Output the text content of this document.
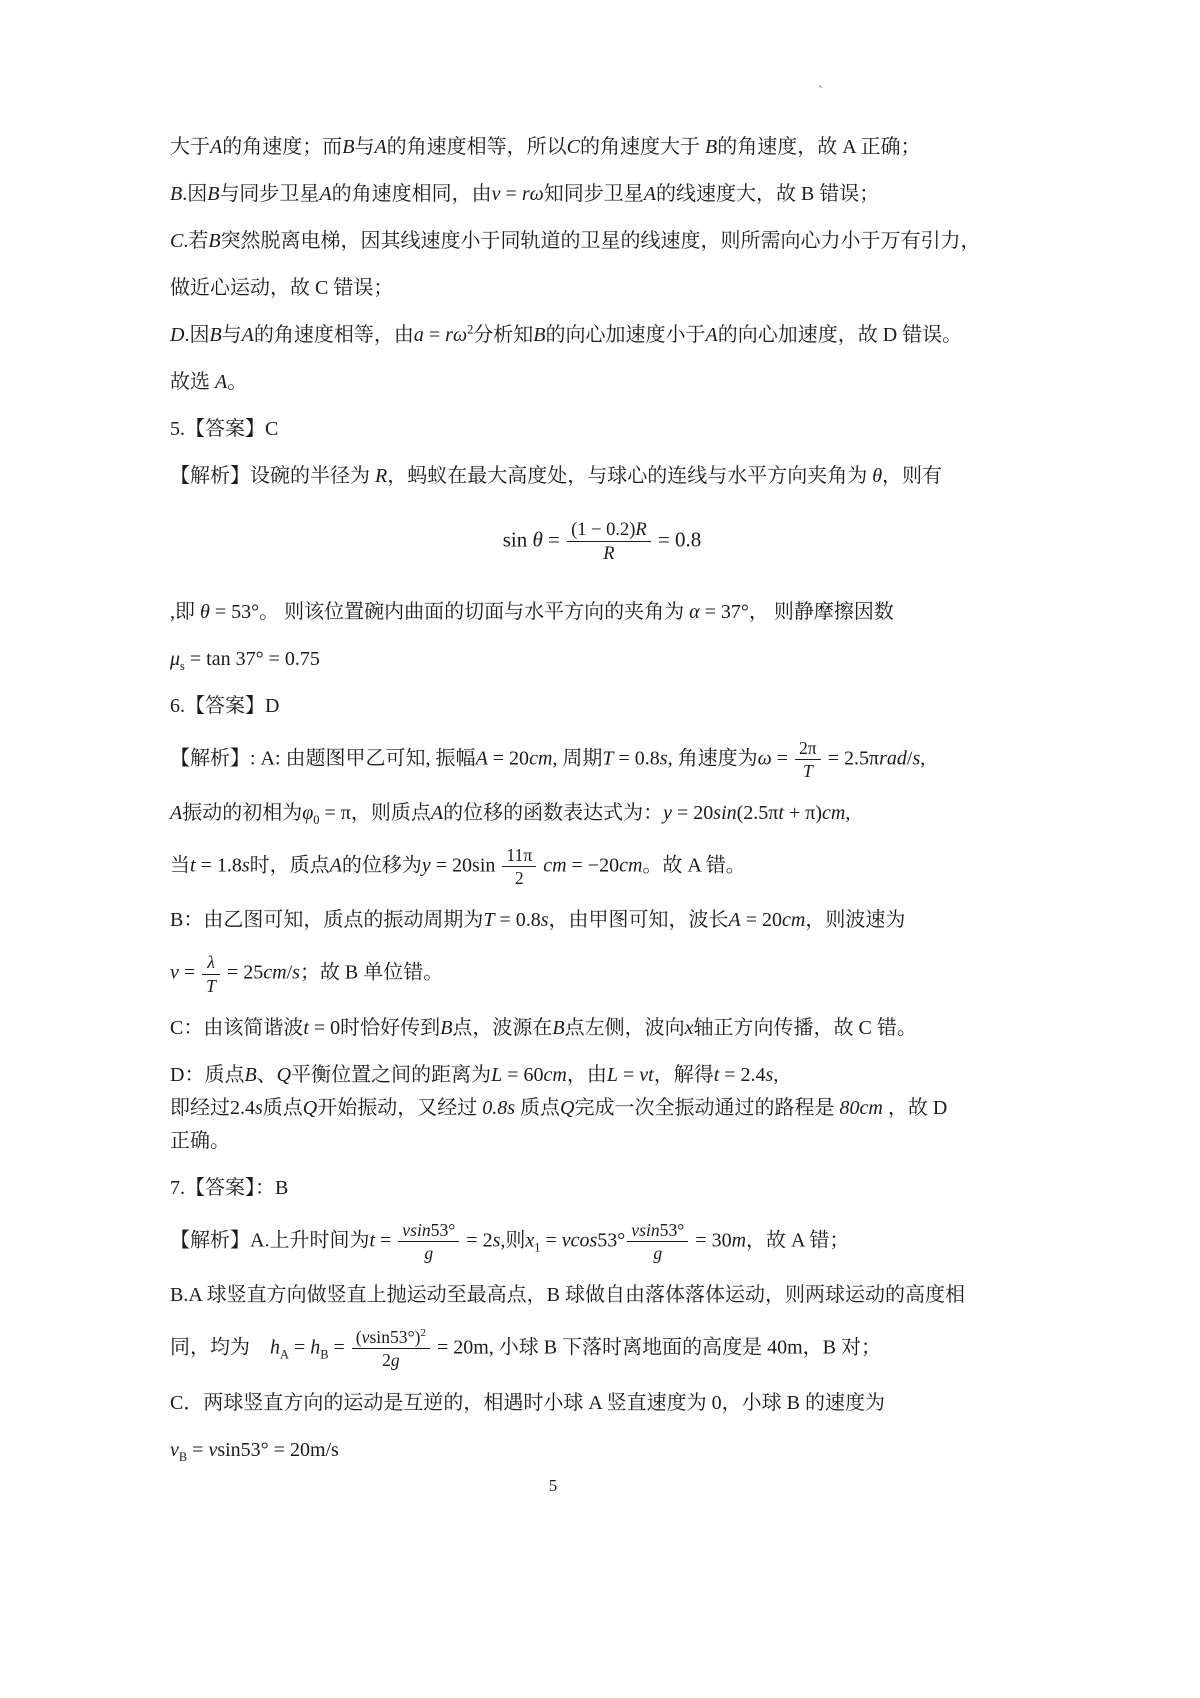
`
大于A的角速度；而B与A的角速度相等，所以C的角速度大于 B的角速度，故 A 正确；
B.因B与同步卫星A的角速度相同，由v = rω知同步卫星A的线速度大，故 B 错误；
C.若B突然脱离电梯，因其线速度小于同轨道的卫星的线速度，则所需向心力小于万有引力，
做近心运动，故 C 错误；
D.因B与A的角速度相等，由$a = r\omega^2$分析知B的向心加速度小于A的向心加速度，故 D 错误。
故选 A。
5.【答案】C
【解析】设碗的半径为 R，蚂蚁在最大高度处，与球心的连线与水平方向夹角为 θ，则有
$\sin \theta = \frac{(1 - 0.2)R}{R} = 0.8$
,即 θ = 53°。 则该位置碗内曲面的切面与水平方向的夹角为 α = 37°， 则静摩擦因数
$\mu_s = \tan 37^\circ = 0.75$
6.【答案】D
【解析】: A: 由题图甲乙可知, 振幅A = 20cm, 周期T = 0.8s, 角速度为$\omega = \frac{2\pi}{T} = 2.5\pi rad/s$,
A振动的初相为$\varphi_0 = \pi$，则质点A的位移的函数表达式为：y = 20sin(2.5πt + π)cm,
当t = 1.8s时，质点A的位移为$y = 20\sin \frac{11\pi}{2}$ cm = −20cm。故 A 错。
B：由乙图可知，质点的振动周期为T = 0.8s，由甲图可知，波长A = 20cm，则波速为
$v = \frac{\lambda}{T} = 25cm/s$；故 B 单位错。
C：由该简谐波t = 0时恰好传到B点，波源在B点左侧，波向x轴正方向传播，故 C 错。
D：质点B、Q平衡位置之间的距离为L = 60cm，由L = vt，解得t = 2.4s,
即经过2.4s质点Q开始振动，又经过 0.8s 质点Q完成一次全振动通过的路程是 80cm ，故 D
正确。
7.【答案】：B
【解析】A.上升时间为$t = \frac{vsin53^\circ}{g} = 2s$,则$x_1 = vcos53^\circ \frac{vsin53^\circ}{g} = 30m$，故 A 错；
B.A 球竖直方向做竖直上抛运动至最高点，B 球做自由落体落体运动，则两球运动的高度相
同，均为　$h_A = h_B = \frac{(vsin53^\circ)^2}{2g} = 20m$, 小球 B 下落时离地面的高度是 40m，B 对；
C．两球竖直方向的运动是互逆的，相遇时小球 A 竖直速度为 0，小球 B 的速度为
$v_B = vsin53^\circ = 20m/s$
5
